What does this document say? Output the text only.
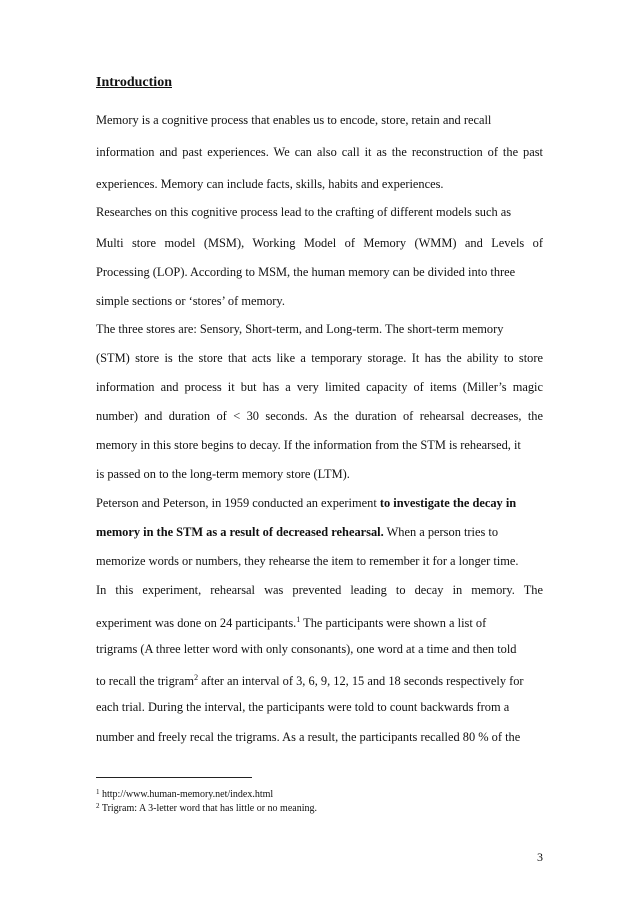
Introduction
Memory is a cognitive process that enables us to encode, store, retain and recall
information and past experiences. We can also call it as the reconstruction of the past
experiences. Memory can include facts, skills, habits and experiences.
Researches on this cognitive process lead to the crafting of different models such as
Multi store model (MSM), Working Model of Memory (WMM) and Levels of
Processing (LOP). According to MSM, the human memory can be divided into three
simple sections or ‘stores’ of memory.
The three stores are: Sensory, Short-term, and Long-term. The short-term memory
(STM) store is the store that acts like a temporary storage. It has the ability to store
information and process it but has a very limited capacity of items (Miller’s magic
number) and duration of < 30 seconds. As the duration of rehearsal decreases, the
memory in this store begins to decay. If the information from the STM is rehearsed, it
is passed on to the long-term memory store (LTM).
Peterson and Peterson, in 1959 conducted an experiment to investigate the decay in
memory in the STM as a result of decreased rehearsal. When a person tries to
memorize words or numbers, they rehearse the item to remember it for a longer time.
In this experiment, rehearsal was prevented leading to decay in memory. The
experiment was done on 24 participants.$^1$ The participants were shown a list of
trigrams (A three letter word with only consonants), one word at a time and then told
to recall the trigram$^2$ after an interval of 3, 6, 9, 12, 15 and 18 seconds respectively for
each trial. During the interval, the participants were told to count backwards from a
number and freely recal the trigrams. As a result, the participants recalled 80 % of the
$^1$ http://www.human-memory.net/index.html
$^2$ Trigram: A 3-letter word that has little or no meaning.
3
